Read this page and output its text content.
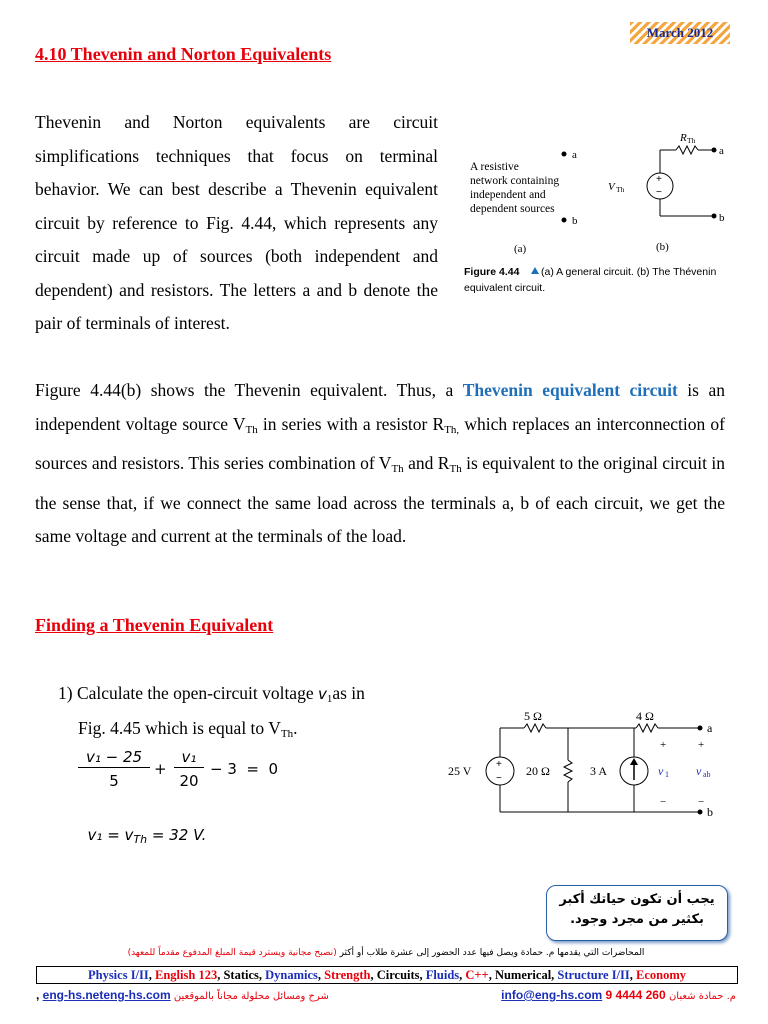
March 2012
4.10 Thevenin and Norton Equivalents

Thevenin and Norton equivalents are circuit simplifications techniques that focus on terminal behavior. We can best describe a Thevenin equivalent circuit by reference to Fig. 4.44, which represents any circuit made up of sources (both independent and dependent) and resistors. The letters a and b denote the pair of terminals of interest.

A resistive
network containing
independent and
dependent sources
a
b
(a)
a
R Th
+
−
V Th
b
(b)
Figure 4.44 (a) A general circuit. (b) The Thévenin
equivalent circuit.

Figure 4.44(b) shows the Thevenin equivalent. Thus, a Thevenin equivalent circuit is an independent voltage source $V_{Th}$ in series with a resistor $R_{Th,}$ which replaces an interconnection of sources and resistors. This series combination of $V_{Th}$ and $R_{Th}$ is equivalent to the original circuit in the sense that, if we connect the same load across the terminals a, b of each circuit, we get the same voltage and current at the terminals of the load.

Finding a Thevenin Equivalent
1) Calculate the open-circuit voltage $v_1as$ in
Fig. 4.45 which is equal to $V_{Th}$.
v₁ − 25
5
+
v₁
20
− 3  =  0

$v_1 = v_{Th} = 32$ V.

a
5 Ω	4 Ω
+
−
25 V	20 Ω	3 A	v 1
+
−
v ab
+
−
b
يجب أن تكون حياتك أكبر
بكثير من مجرد وجود.
المحاضرات التي يقدمها م. حمادة ويصل فيها عدد الحضور إلى عشرة طلاب أو أكثر (نصبح مجانية ويسترد قيمة المبلغ المدفوع مقدماً للمعهد)
Physics I/II, English 123, Statics, Dynamics, Strength, Circuits, Fluids, C++, Numerical, Structure I/II, Economy
, eng-hs.neteng-hs.com شرح ومسائل محلولة مجاناً بالموقعين	info@eng-hs.com 9 4444 260 م. حمادة شعبان
